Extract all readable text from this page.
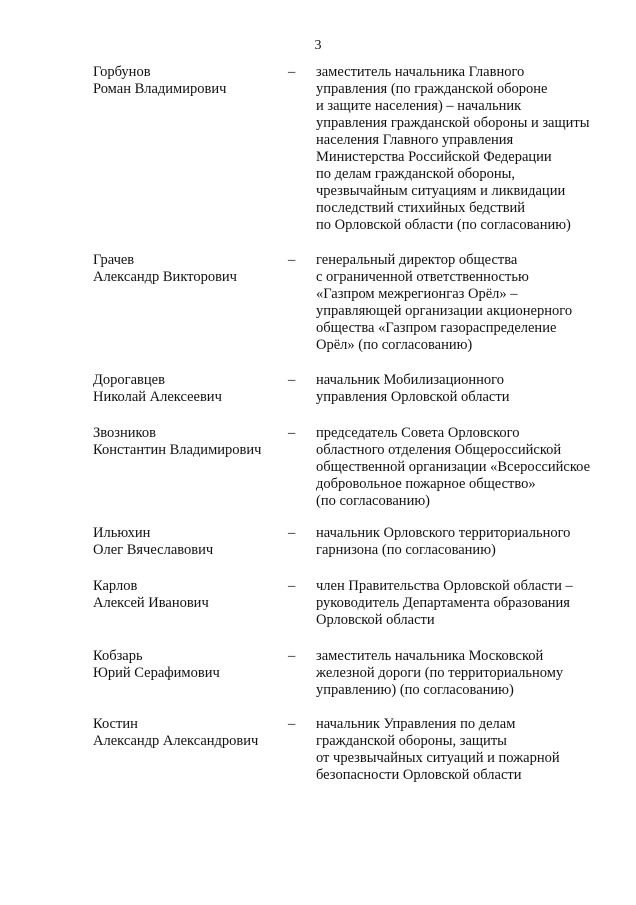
3
Горбунов
Роман Владимирович
– заместитель начальника Главного
управления (по гражданской обороне
и защите населения) – начальник
управления гражданской обороны и защиты
населения Главного управления
Министерства Российской Федерации
по делам гражданской обороны,
чрезвычайным ситуациям и ликвидации
последствий стихийных бедствий
по Орловской области (по согласованию)
Грачев
Александр Викторович
– генеральный директор общества
с ограниченной ответственностью
«Газпром межрегионгаз Орёл» –
управляющей организации акционерного
общества «Газпром газораспределение
Орёл» (по согласованию)
Дорогавцев
Николай Алексеевич
– начальник Мобилизационного
управления Орловской области
Звозников
Константин Владимирович
– председатель Совета Орловского
областного отделения Общероссийской
общественной организации «Всероссийское
добровольное пожарное общество»
(по согласованию)
Ильюхин
Олег Вячеславович
– начальник Орловского территориального
гарнизона (по согласованию)
Карлов
Алексей Иванович
– член Правительства Орловской области –
руководитель Департамента образования
Орловской области
Кобзарь
Юрий Серафимович
– заместитель начальника Московской
железной дороги (по территориальному
управлению) (по согласованию)
Костин
Александр Александрович
– начальник Управления по делам
гражданской обороны, защиты
от чрезвычайных ситуаций и пожарной
безопасности Орловской области
